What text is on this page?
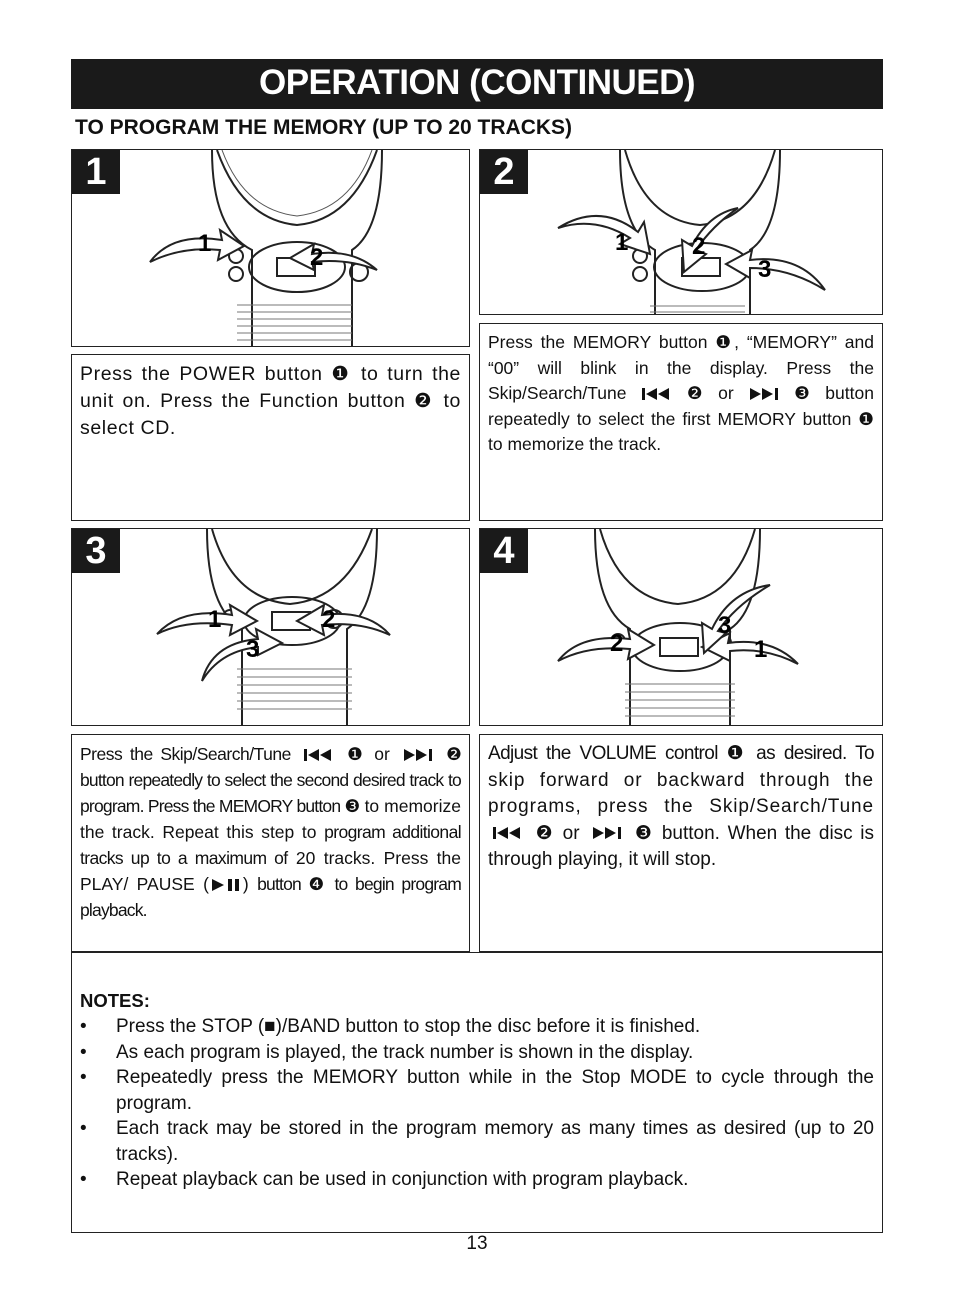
OPERATION (CONTINUED)
TO PROGRAM THE MEMORY (UP TO 20 TRACKS)
1
1
2
2
1	2
3
Press the POWER button ❶ to turn the unit on. Press the Function button ❷ to select CD.
Press the MEMORY button ❶, “MEMORY” and “00” will blink in the display. Press the Skip/Search/Tune	❷ or	❸ button repeatedly to select the first MEMORY button ❶ to memorize the track.
3
1	2
3
4
2	1
3
Press the Skip/Search/Tune	❶ or	❷ button repeatedly to select the second desired track to program. Press the MEMORY button ❸ to memorize the track. Repeat this step to program additional tracks up to a maximum of 20 tracks. Press the PLAY/ PAUSE ( ) button ❹ to begin program playback.
Adjust the VOLUME control ❶ as desired. To skip forward or backward through the programs, press the Skip/Search/Tune  ❷ or	❸ button. When the disc is through playing, it will stop.
NOTES:
• Press the STOP (■)/BAND button to stop the disc before it is finished.
• As each program is played, the track number is shown in the display.
• Repeatedly press the MEMORY button while in the Stop MODE to cycle through the program.
• Each track may be stored in the program memory as many times as desired (up to 20 tracks).
• Repeat playback can be used in conjunction with program playback.
13
